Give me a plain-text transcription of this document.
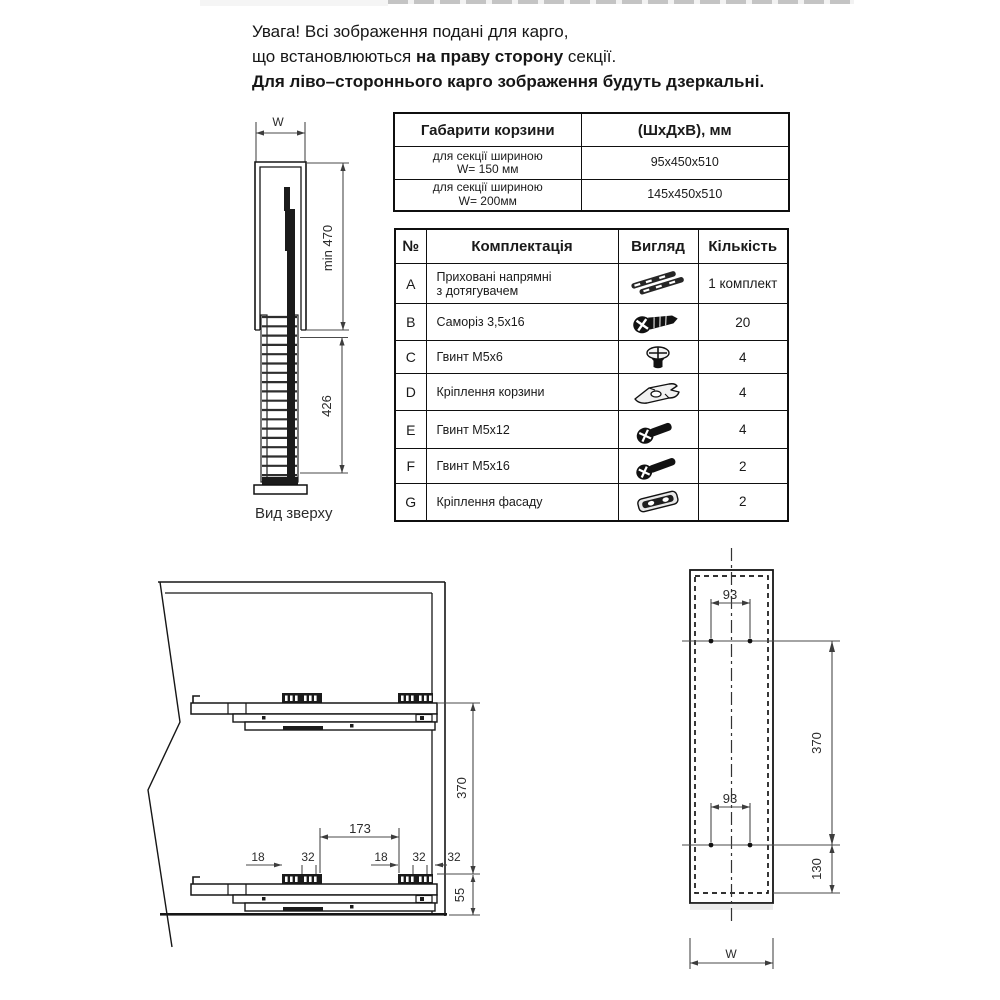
Увага! Всі зображення подані для карго,
що встановлюються на праву сторону секції.
Для ліво–стороннього карго зображення будуть дзеркальні.
Габарити корзини	(ШхДхВ), мм

для секції шириною
W= 150 мм	95x450x510

для секції шириною
W= 200мм	145x450x510
№	Комплектація	Вигляд	Кількість
A	Приховані напрямні
з дотягувачем		1 комплект
B	Саморіз 3,5х16		20
C	Гвинт М5х6		4
D	Кріплення корзини		4
E	Гвинт М5х12		4
F	Гвинт М5х16		2
G	Кріплення фасаду		2
W
min 470
426
Вид зверху
370
55
173
18	32	18 32 32
93
93
370
130
W
